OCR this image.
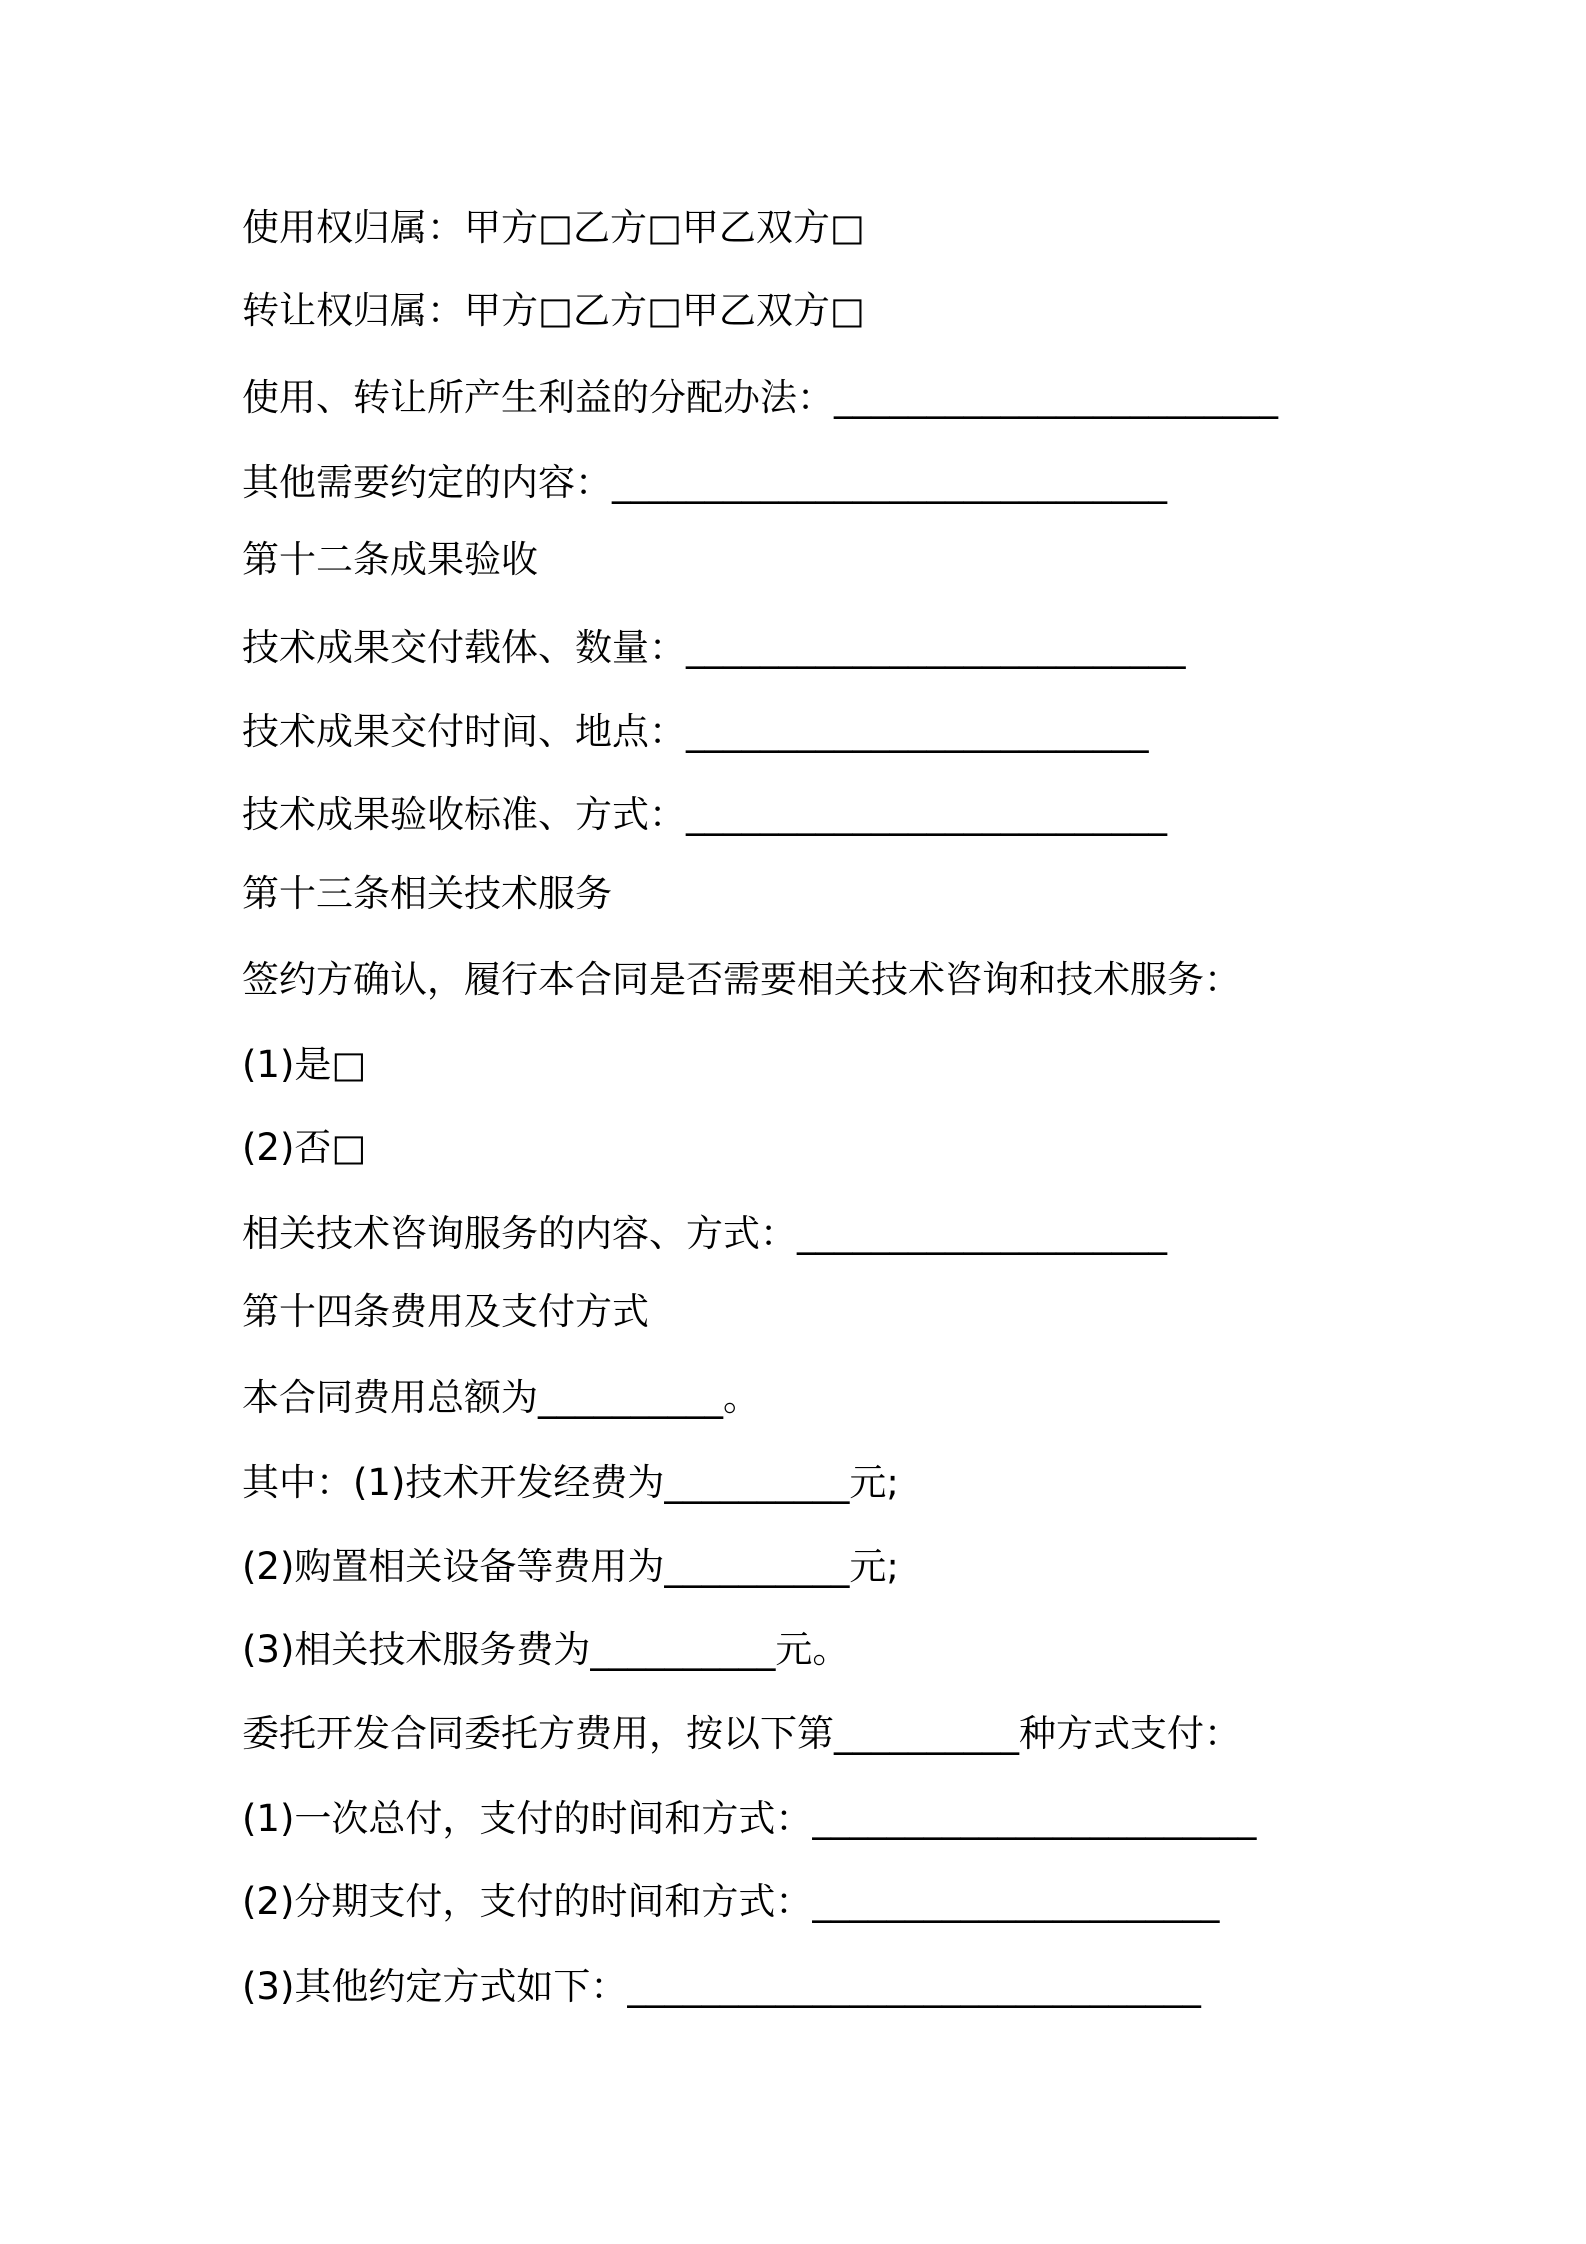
使用权归属：甲方□乙方□甲乙双方□
转让权归属：甲方□乙方□甲乙双方□
使用、转让所产生利益的分配办法：________________________
其他需要约定的内容：______________________________
第十二条成果验收
技术成果交付载体、数量：___________________________
技术成果交付时间、地点：_________________________
技术成果验收标准、方式：__________________________
第十三条相关技术服务
签约方确认，履行本合同是否需要相关技术咨询和技术服务：
(1)是□
(2)否□
相关技术咨询服务的内容、方式：____________________
第十四条费用及支付方式
本合同费用总额为__________。
其中：(1)技术开发经费为__________元;
(2)购置相关设备等费用为__________元;
(3)相关技术服务费为__________元。
委托开发合同委托方费用，按以下第__________种方式支付：
(1)一次总付，支付的时间和方式：________________________
(2)分期支付，支付的时间和方式：______________________
(3)其他约定方式如下：_______________________________
